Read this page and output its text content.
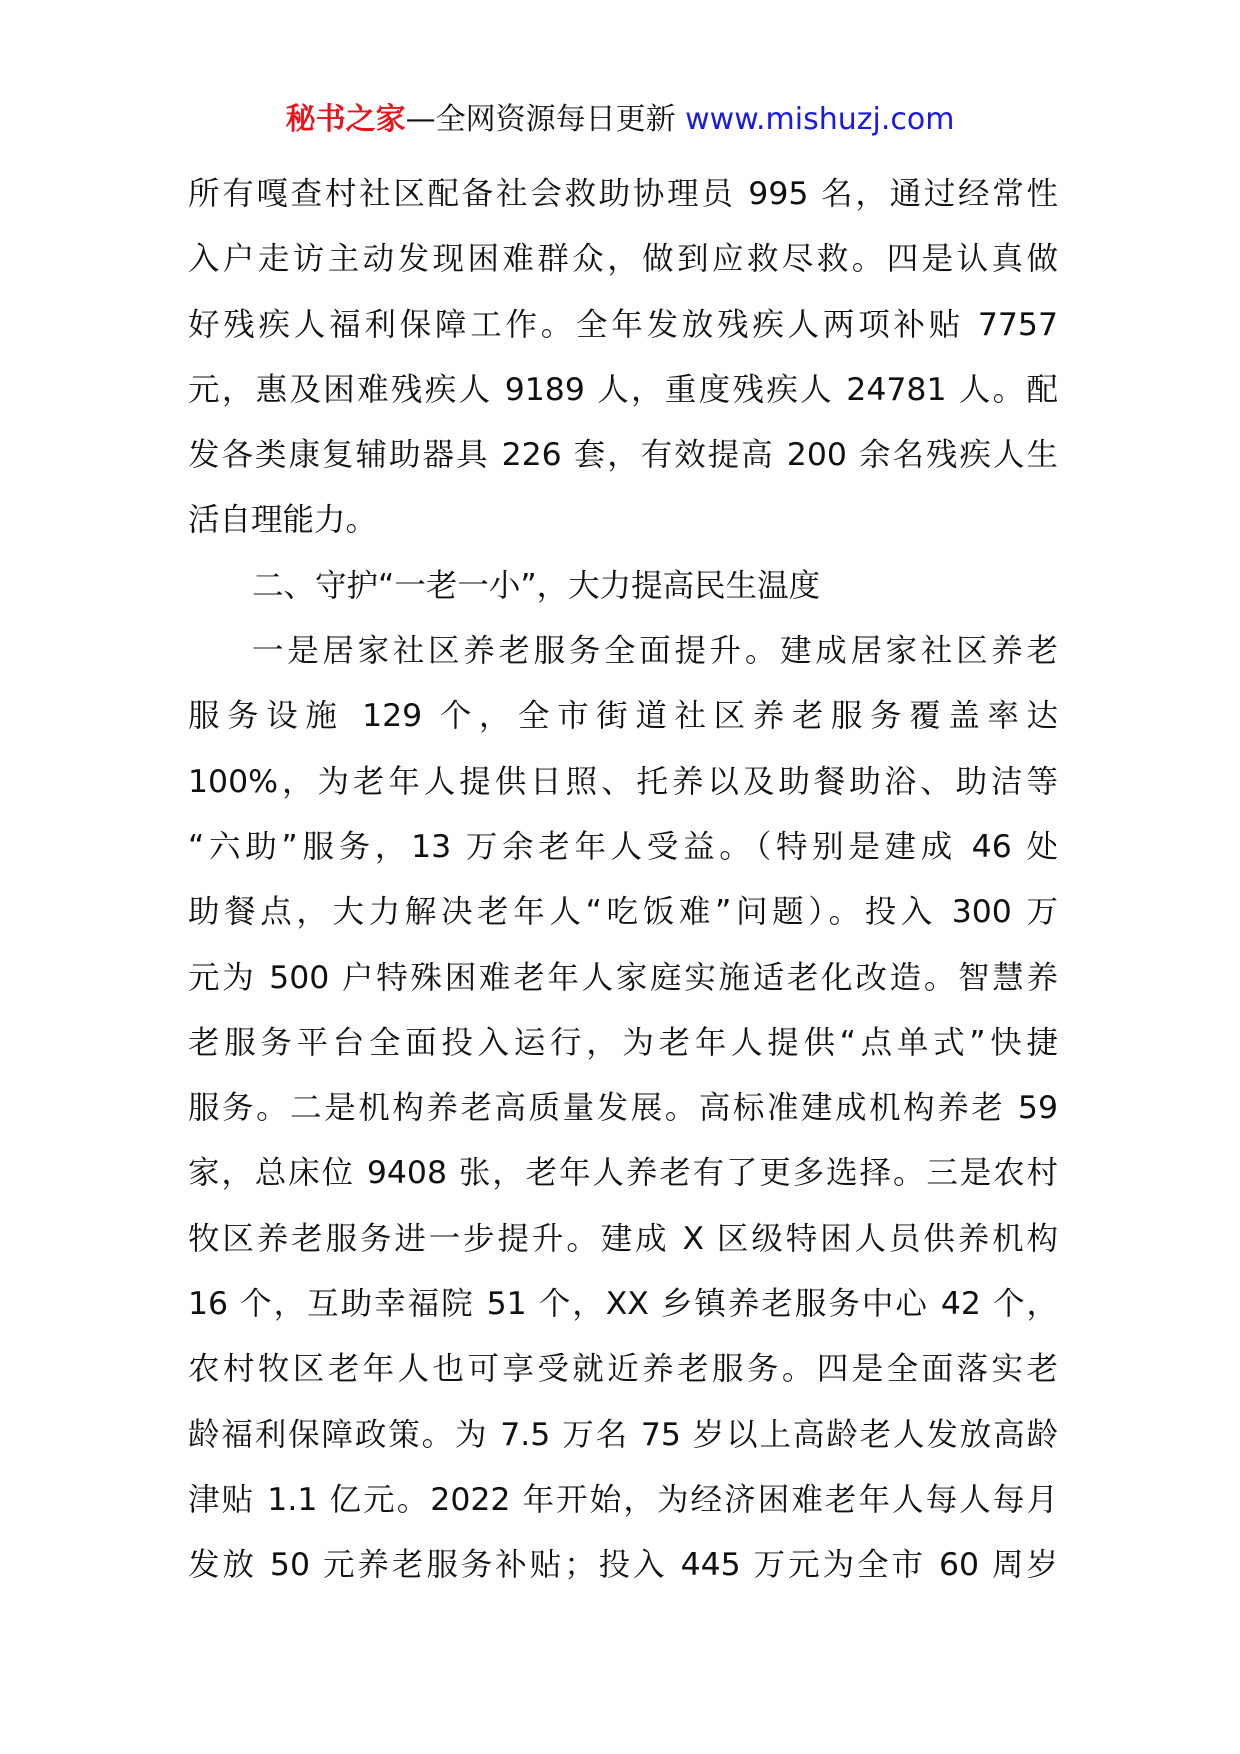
秘书之家—全网资源每日更新 www.mishuzj.com
所有嘎查村社区配备社会救助协理员 995 名，通过经常性
入户走访主动发现困难群众，做到应救尽救。四是认真做
好残疾人福利保障工作。全年发放残疾人两项补贴 7757
元，惠及困难残疾人 9189 人，重度残疾人 24781 人。配
发各类康复辅助器具 226 套，有效提高 200 余名残疾人生
活自理能力。
二、守护“一老一小”，大力提高民生温度
一是居家社区养老服务全面提升。建成居家社区养老
服务设施 129 个，全市街道社区养老服务覆盖率达
100%，为老年人提供日照、托养以及助餐助浴、助洁等
“六助”服务，13 万余老年人受益。（特别是建成 46 处
助餐点，大力解决老年人“吃饭难”问题）。投入 300 万
元为 500 户特殊困难老年人家庭实施适老化改造。智慧养
老服务平台全面投入运行，为老年人提供“点单式”快捷
服务。二是机构养老高质量发展。高标准建成机构养老 59
家，总床位 9408 张，老年人养老有了更多选择。三是农村
牧区养老服务进一步提升。建成 X 区级特困人员供养机构
16 个，互助幸福院 51 个，XX 乡镇养老服务中心 42 个，
农村牧区老年人也可享受就近养老服务。四是全面落实老
龄福利保障政策。为 7.5 万名 75 岁以上高龄老人发放高龄
津贴 1.1 亿元。2022 年开始，为经济困难老年人每人每月
发放 50 元养老服务补贴；投入 445 万元为全市 60 周岁
